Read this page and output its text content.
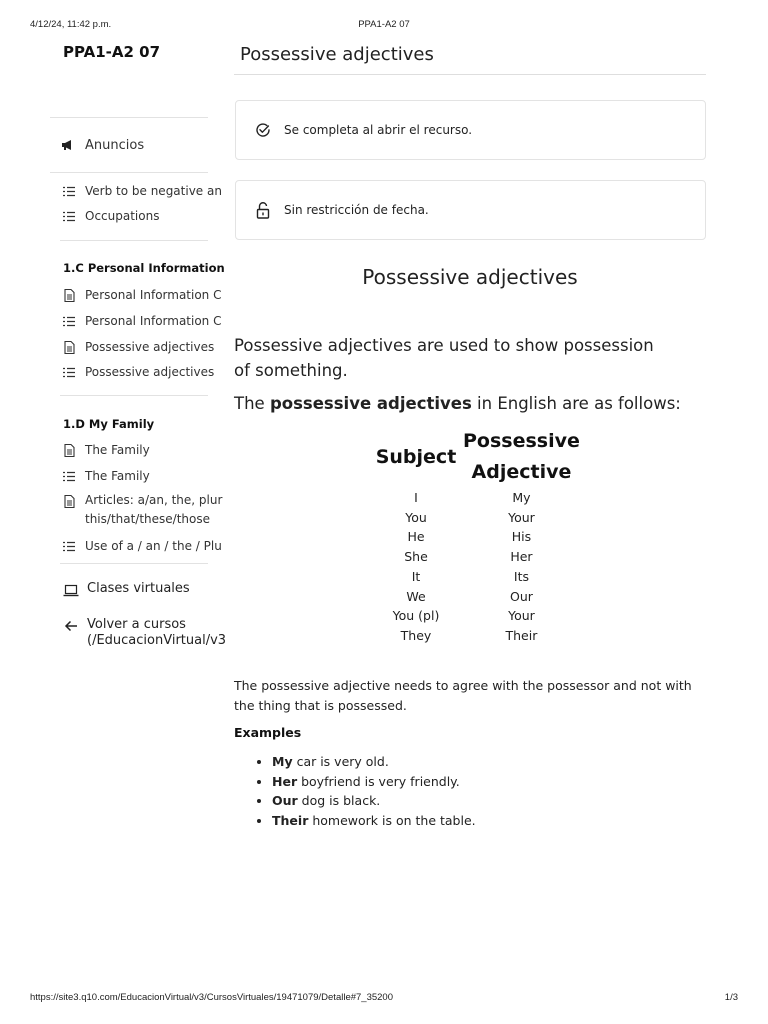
4/12/24, 11:42 p.m.	PPA1-A2 07
PPA1-A2 07
Anuncios
Verb to be negative an
Occupations
1.C Personal Information
Personal Information C
Personal Information C
Possessive adjectives
Possessive adjectives
1.D My Family
The Family
The Family
Articles: a/an, the, plur this/that/these/those
Use of a / an / the / Plu
Clases virtuales
Volver a cursos
(/EducacionVirtual/v3
Possessive adjectives
Se completa al abrir el recurso.
Sin restricción de fecha.
Possessive adjectives

Possessive adjectives are used to show possession of something.

The possessive adjectives in English are as follows:

Subject	Possessive Adjective
I	My
You	Your
He	His
She	Her
It	Its
We	Our
You (pl)	Your
They	Their

The possessive adjective needs to agree with the possessor and not with the thing that is possessed.

Examples
• My car is very old.
• Her boyfriend is very friendly.
• Our dog is black.
• Their homework is on the table.
https://site3.q10.com/EducacionVirtual/v3/CursosVirtuales/19471079/Detalle#7_35200	1/3
